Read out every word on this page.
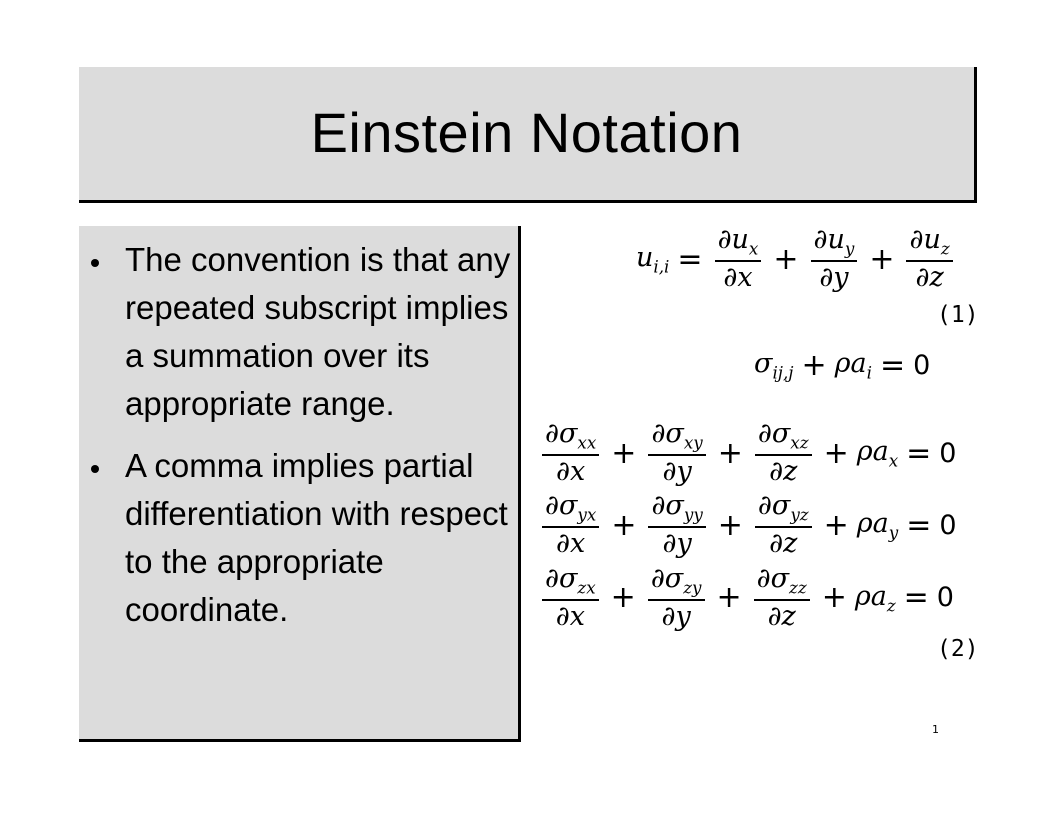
Einstein Notation
The convention is that any repeated subscript implies a summation over its appropriate range.
A comma implies partial differentiation with respect to the appropriate coordinate.
$u_{i,i} = \frac{\partial u_x}{\partial x} + \frac{\partial u_y}{\partial y} + \frac{\partial u_z}{\partial z}$
(1)
$\sigma_{ij,j} + \rho a_i = 0$
$\frac{\partial\sigma_{xx}}{\partial x} + \frac{\partial\sigma_{xy}}{\partial y} + \frac{\partial\sigma_{xz}}{\partial z} + \rho a_x = 0$
$\frac{\partial\sigma_{yx}}{\partial x} + \frac{\partial\sigma_{yy}}{\partial y} + \frac{\partial\sigma_{yz}}{\partial z} + \rho a_y = 0$
$\frac{\partial\sigma_{zx}}{\partial x} + \frac{\partial\sigma_{zy}}{\partial y} + \frac{\partial\sigma_{zz}}{\partial z} + \rho a_z = 0$
(2)
1
